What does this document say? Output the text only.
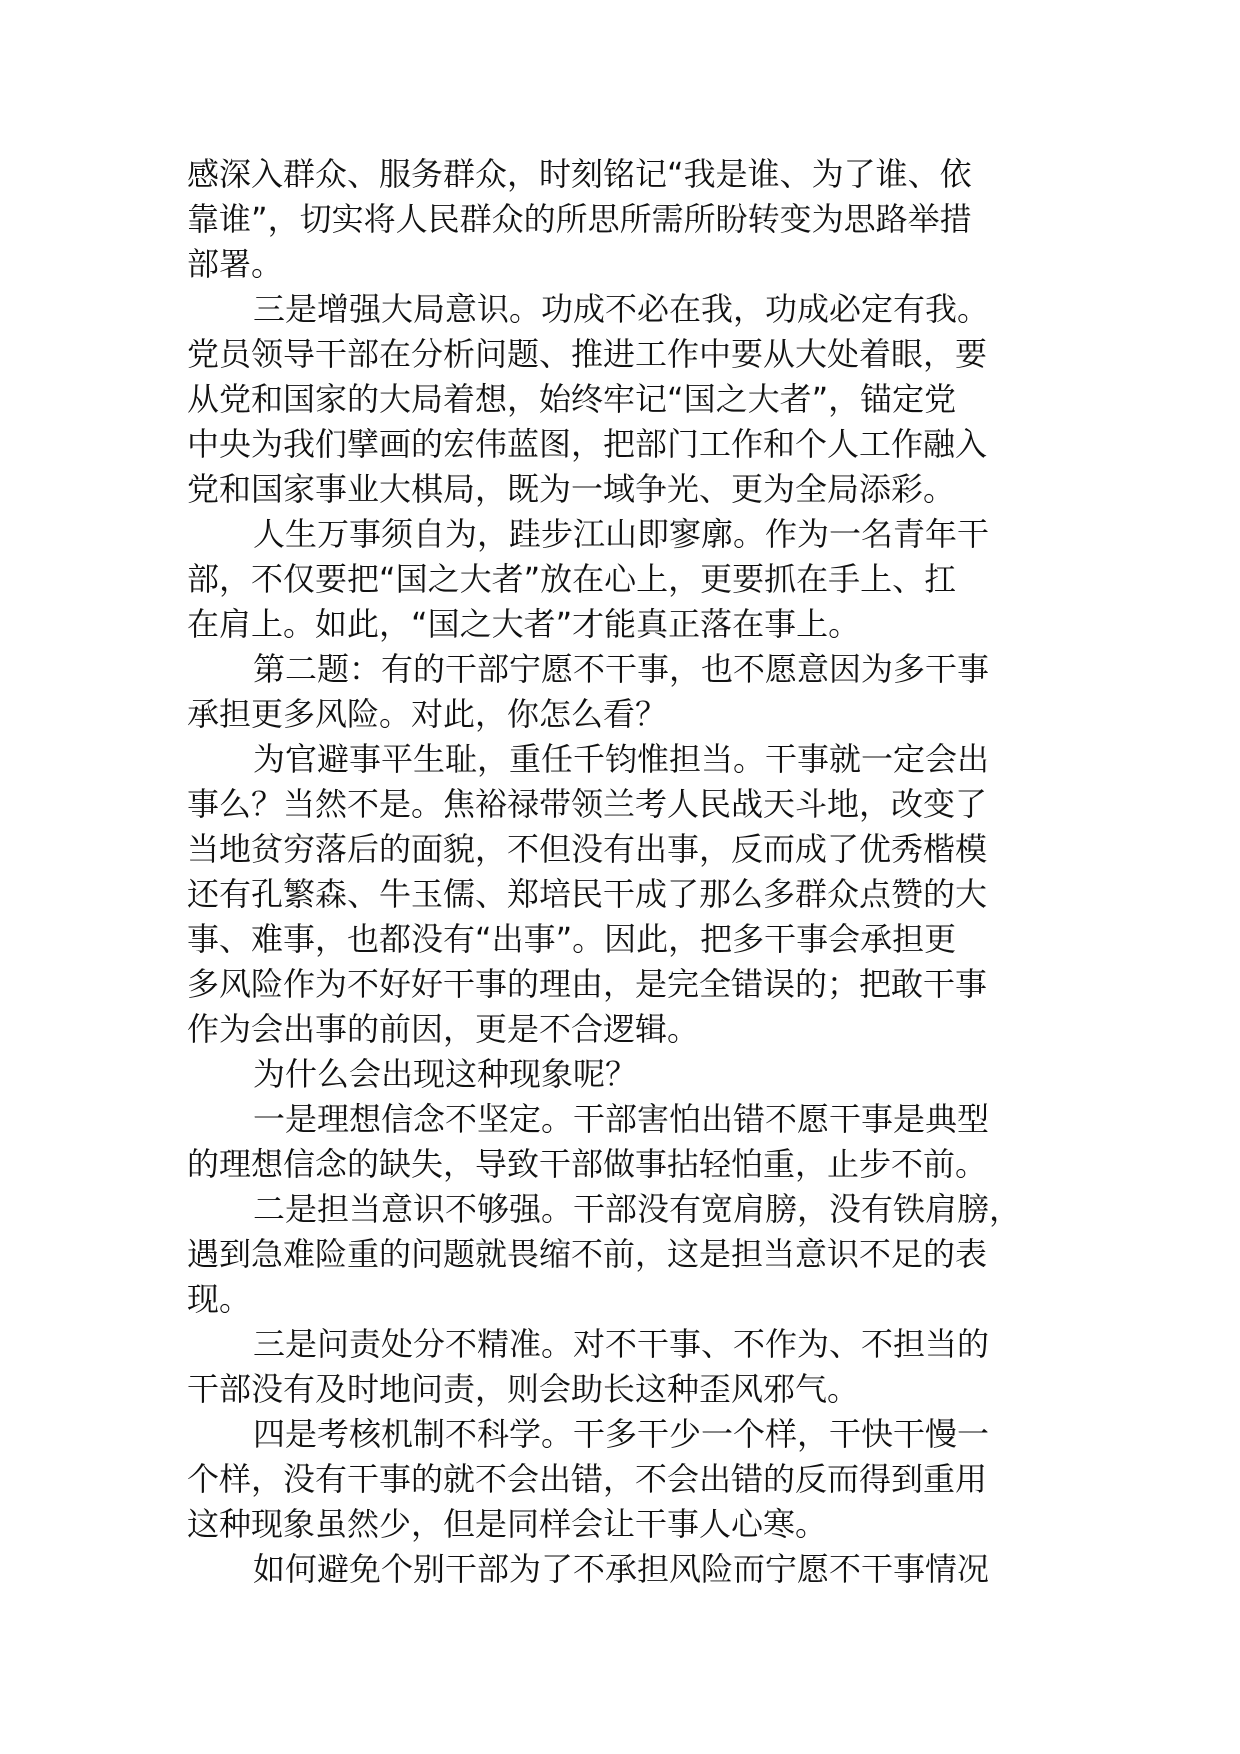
感深入群众、服务群众，时刻铭记“我是谁、为了谁、依
靠谁”，切实将人民群众的所思所需所盼转变为思路举措
部署。
三是增强大局意识。功成不必在我，功成必定有我。
党员领导干部在分析问题、推进工作中要从大处着眼，要
从党和国家的大局着想，始终牢记“国之大者”，锚定党
中央为我们擘画的宏伟蓝图，把部门工作和个人工作融入
党和国家事业大棋局，既为一域争光、更为全局添彩。
人生万事须自为，跬步江山即寥廓。作为一名青年干
部，不仅要把“国之大者”放在心上，更要抓在手上、扛
在肩上。如此，“国之大者”才能真正落在事上。
第二题：有的干部宁愿不干事，也不愿意因为多干事
承担更多风险。对此，你怎么看？
为官避事平生耻，重任千钧惟担当。干事就一定会出
事么？当然不是。焦裕禄带领兰考人民战天斗地，改变了
当地贫穷落后的面貌，不但没有出事，反而成了优秀楷模
还有孔繁森、牛玉儒、郑培民干成了那么多群众点赞的大
事、难事，也都没有“出事”。因此，把多干事会承担更
多风险作为不好好干事的理由，是完全错误的；把敢干事
作为会出事的前因，更是不合逻辑。
为什么会出现这种现象呢？
一是理想信念不坚定。干部害怕出错不愿干事是典型
的理想信念的缺失，导致干部做事拈轻怕重，止步不前。
二是担当意识不够强。干部没有宽肩膀，没有铁肩膀，
遇到急难险重的问题就畏缩不前，这是担当意识不足的表
现。
三是问责处分不精准。对不干事、不作为、不担当的
干部没有及时地问责，则会助长这种歪风邪气。
四是考核机制不科学。干多干少一个样，干快干慢一
个样，没有干事的就不会出错，不会出错的反而得到重用
这种现象虽然少，但是同样会让干事人心寒。
如何避免个别干部为了不承担风险而宁愿不干事情况
